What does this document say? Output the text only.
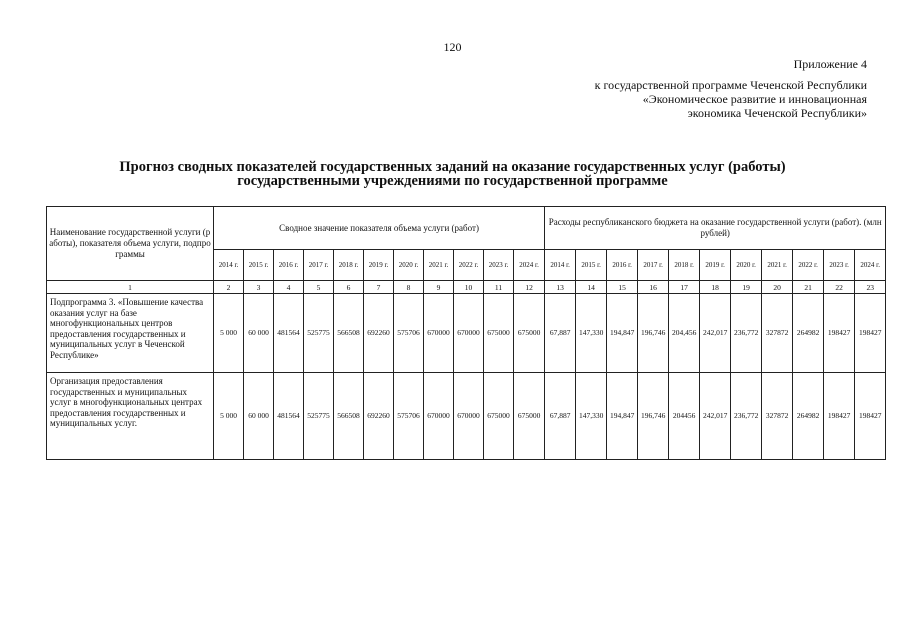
120
Приложение 4
к государственной программе Чеченской Республики
«Экономическое развитие и инновационная
экономика Чеченской Республики»
Прогноз сводных показателей государственных заданий на оказание государственных услуг (работы)
государственными учреждениями по государственной программе
Наименование государственной услуги (работы), показателя объема услуги, подпрограммы	Сводное значение показателя объема услуги (работ)											Расходы республиканского бюджета на оказание государственной услуги (работ). (млн рублей)										
	2014 г.	2015 г.	2016 г.	2017 г.	2018 г.	2019 г.	2020 г.	2021 г.	2022 г.	2023 г.	2024 г.	2014 г.	2015 г.	2016 г.	2017 г.	2018 г.	2019 г.	2020 г.	2021 г.	2022 г.	2023 г.	2024 г.
1	2	3	4	5	6	7	8	9	10	11	12	13	14	15	16	17	18	19	20	21	22	23
Подпрограмма 3. «Повышение качества оказания услуг на базе многофункциональных центров предоставления государственных и муниципальных услуг в Чеченской Республике»	5 000	60 000	481564	525775	566508	692260	575706	670000	670000	675000	675000	67,887	147,330	194,847	196,746	204,456	242,017	236,772	327872	264982	198427	198427
Организация предоставления государственных и муниципальных услуг в многофункциональных центрах предоставления государственных и муниципальных услуг.	5 000	60 000	481564	525775	566508	692260	575706	670000	670000	675000	675000	67,887	147,330	194,847	196,746	204456	242,017	236,772	327872	264982	198427	198427
